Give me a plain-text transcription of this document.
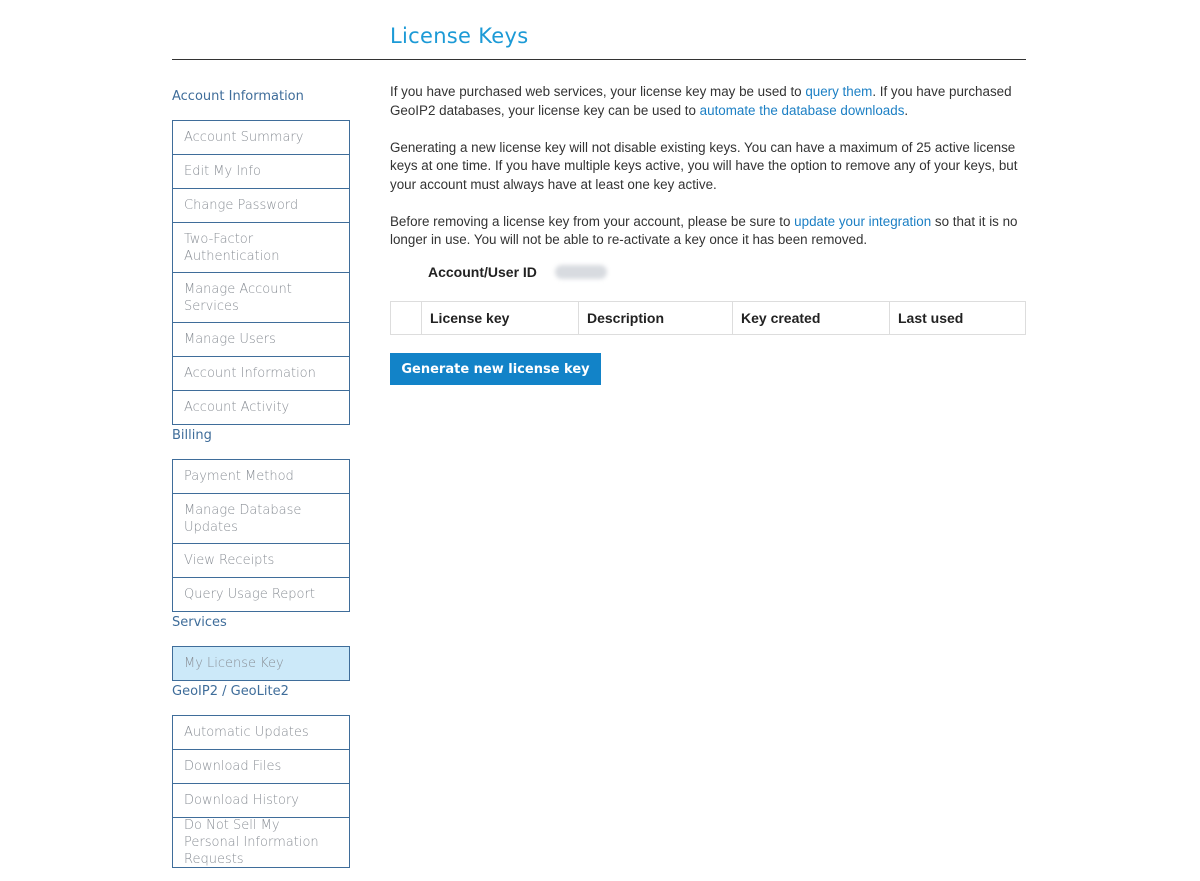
License Keys
Account Information
Account Summary
Edit My Info
Change Password
Two-Factor Authentication
Manage Account Services
Manage Users
Account Information
Account Activity
Billing
Payment Method
Manage Database Updates
View Receipts
Query Usage Report
Services
My License Key
GeoIP2 / GeoLite2
Automatic Updates
Download Files
Download History
Do Not Sell My Personal Information Requests

If you have purchased web services, your license key may be used to query them. If you have purchased GeoIP2 databases, your license key can be used to automate the database downloads.

Generating a new license key will not disable existing keys. You can have a maximum of 25 active license keys at one time. If you have multiple keys active, you will have the option to remove any of your keys, but your account must always have at least one key active.

Before removing a license key from your account, please be sure to update your integration so that it is no longer in use. You will not be able to re-activate a key once it has been removed.

Account/User ID
	License key	Description	Key created	Last used
Generate new license key
